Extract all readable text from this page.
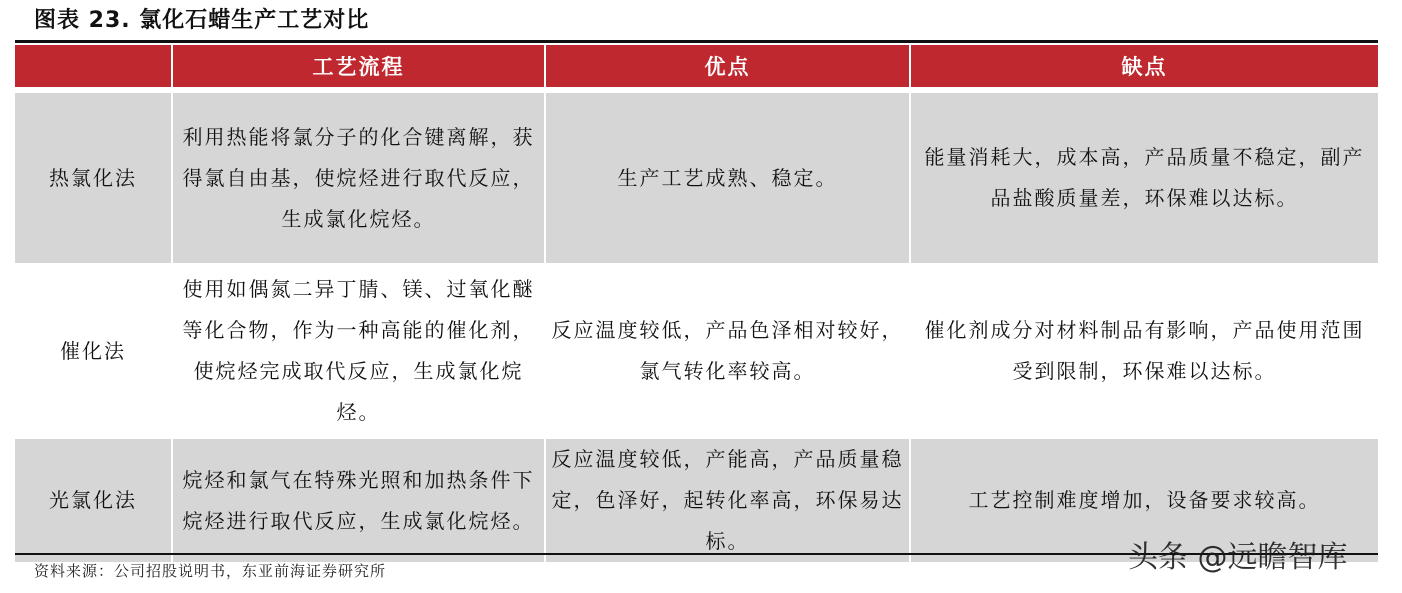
图表 23. 氯化石蜡生产工艺对比
	工艺流程	优点	缺点
热氯化法	利用热能将氯分子的化合键离解，获得氯自由基，使烷烃进行取代反应，生成氯化烷烃。	生产工艺成熟、稳定。	能量消耗大，成本高，产品质量不稳定，副产品盐酸质量差，环保难以达标。
催化法	使用如偶氮二异丁腈、镁、过氧化醚等化合物，作为一种高能的催化剂，使烷烃完成取代反应，生成氯化烷烃。	反应温度较低，产品色泽相对较好，氯气转化率较高。	催化剂成分对材料制品有影响，产品使用范围受到限制，环保难以达标。
光氯化法	烷烃和氯气在特殊光照和加热条件下烷烃进行取代反应，生成氯化烷烃。	反应温度较低，产能高，产品质量稳定，色泽好，起转化率高，环保易达标。	工艺控制难度增加，设备要求较高。
资料来源：公司招股说明书，东亚前海证券研究所	头条 @远瞻智库
